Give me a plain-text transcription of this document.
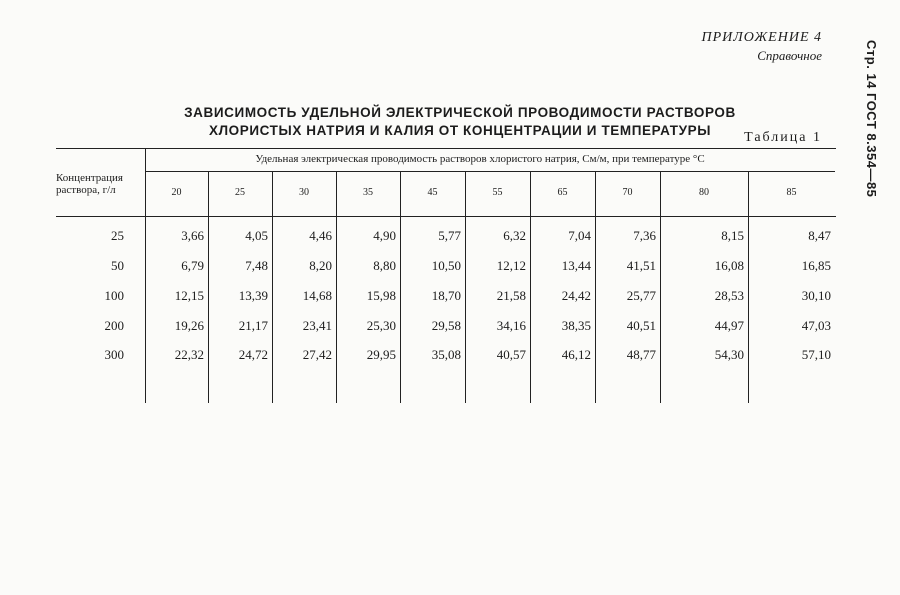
ПРИЛОЖЕНИЕ 4
Справочное	Стр. 14 ГОСТ 8.354—85
ЗАВИСИМОСТЬ УДЕЛЬНОЙ ЭЛЕКТРИЧЕСКОЙ ПРОВОДИМОСТИ РАСТВОРОВ
ХЛОРИСТЫХ НАТРИЯ И КАЛИЯ ОТ КОНЦЕНТРАЦИИ И ТЕМПЕРАТУРЫ	Таблица 1
Концентрация раствора, г/л
Удельная электрическая проводимость растворов хлористого натрия, См/м, при температуре °С
20	25	30	35	45	55	65	70	80	85
25	3,66	4,05	4,46	4,90	5,77	6,32	7,04	7,36	8,15	8,47
50	6,79	7,48	8,20	8,80	10,50	12,12	13,44	41,51	16,08	16,85
100	12,15	13,39	14,68	15,98	18,70	21,58	24,42	25,77	28,53	30,10
200	19,26	21,17	23,41	25,30	29,58	34,16	38,35	40,51	44,97	47,03
300	22,32	24,72	27,42	29,95	35,08	40,57	46,12	48,77	54,30	57,10
